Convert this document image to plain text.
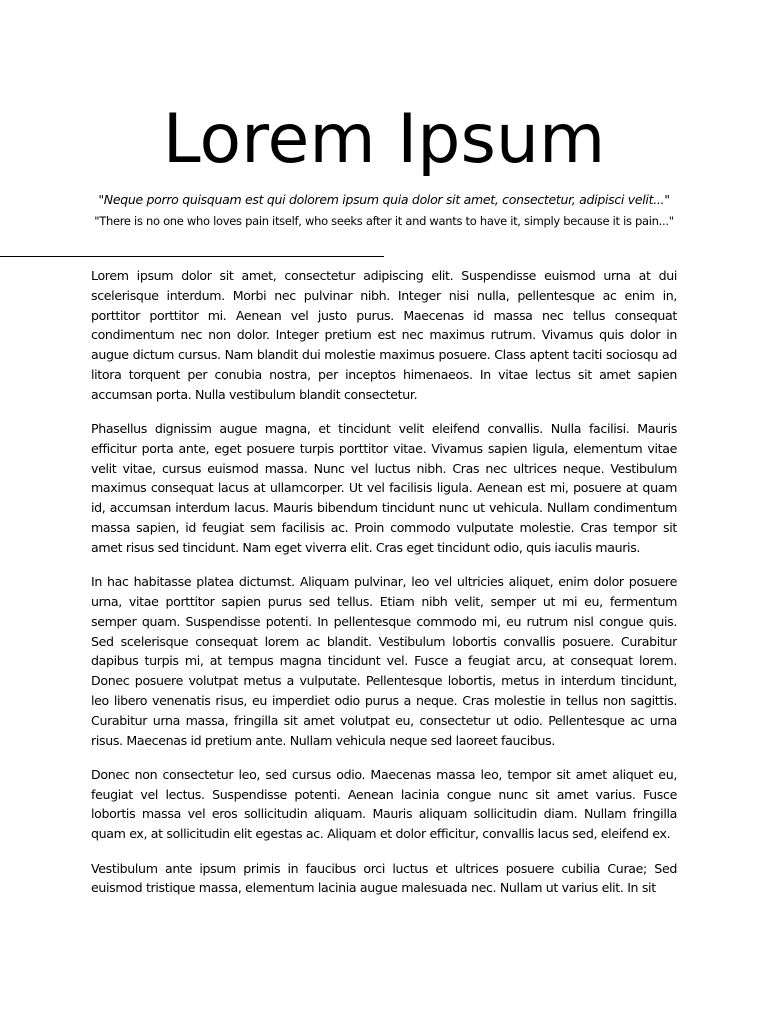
Lorem Ipsum

"Neque porro quisquam est qui dolorem ipsum quia dolor sit amet, consectetur, adipisci velit..."

"There is no one who loves pain itself, who seeks after it and wants to have it, simply because it is pain..."

Lorem ipsum dolor sit amet, consectetur adipiscing elit. Suspendisse euismod urna at dui scelerisque interdum. Morbi nec pulvinar nibh. Integer nisi nulla, pellentesque ac enim in, porttitor porttitor mi. Aenean vel justo purus. Maecenas id massa nec tellus consequat condimentum nec non dolor. Integer pretium est nec maximus rutrum. Vivamus quis dolor in augue dictum cursus. Nam blandit dui molestie maximus posuere. Class aptent taciti sociosqu ad litora torquent per conubia nostra, per inceptos himenaeos. In vitae lectus sit amet sapien accumsan porta. Nulla vestibulum blandit consectetur.

Phasellus dignissim augue magna, et tincidunt velit eleifend convallis. Nulla facilisi. Mauris efficitur porta ante, eget posuere turpis porttitor vitae. Vivamus sapien ligula, elementum vitae velit vitae, cursus euismod massa. Nunc vel luctus nibh. Cras nec ultrices neque. Vestibulum maximus consequat lacus at ullamcorper. Ut vel facilisis ligula. Aenean est mi, posuere at quam id, accumsan interdum lacus. Mauris bibendum tincidunt nunc ut vehicula. Nullam condimentum massa sapien, id feugiat sem facilisis ac. Proin commodo vulputate molestie. Cras tempor sit amet risus sed tincidunt. Nam eget viverra elit. Cras eget tincidunt odio, quis iaculis mauris.

In hac habitasse platea dictumst. Aliquam pulvinar, leo vel ultricies aliquet, enim dolor posuere urna, vitae porttitor sapien purus sed tellus. Etiam nibh velit, semper ut mi eu, fermentum semper quam. Suspendisse potenti. In pellentesque commodo mi, eu rutrum nisl congue quis. Sed scelerisque consequat lorem ac blandit. Vestibulum lobortis convallis posuere. Curabitur dapibus turpis mi, at tempus magna tincidunt vel. Fusce a feugiat arcu, at consequat lorem. Donec posuere volutpat metus a vulputate. Pellentesque lobortis, metus in interdum tincidunt, leo libero venenatis risus, eu imperdiet odio purus a neque. Cras molestie in tellus non sagittis. Curabitur urna massa, fringilla sit amet volutpat eu, consectetur ut odio. Pellentesque ac urna risus. Maecenas id pretium ante. Nullam vehicula neque sed laoreet faucibus.

Donec non consectetur leo, sed cursus odio. Maecenas massa leo, tempor sit amet aliquet eu, feugiat vel lectus. Suspendisse potenti. Aenean lacinia congue nunc sit amet varius. Fusce lobortis massa vel eros sollicitudin aliquam. Mauris aliquam sollicitudin diam. Nullam fringilla quam ex, at sollicitudin elit egestas ac. Aliquam et dolor efficitur, convallis lacus sed, eleifend ex.

Vestibulum ante ipsum primis in faucibus orci luctus et ultrices posuere cubilia Curae; Sed euismod tristique massa, elementum lacinia augue malesuada nec. Nullam ut varius elit. In sit
